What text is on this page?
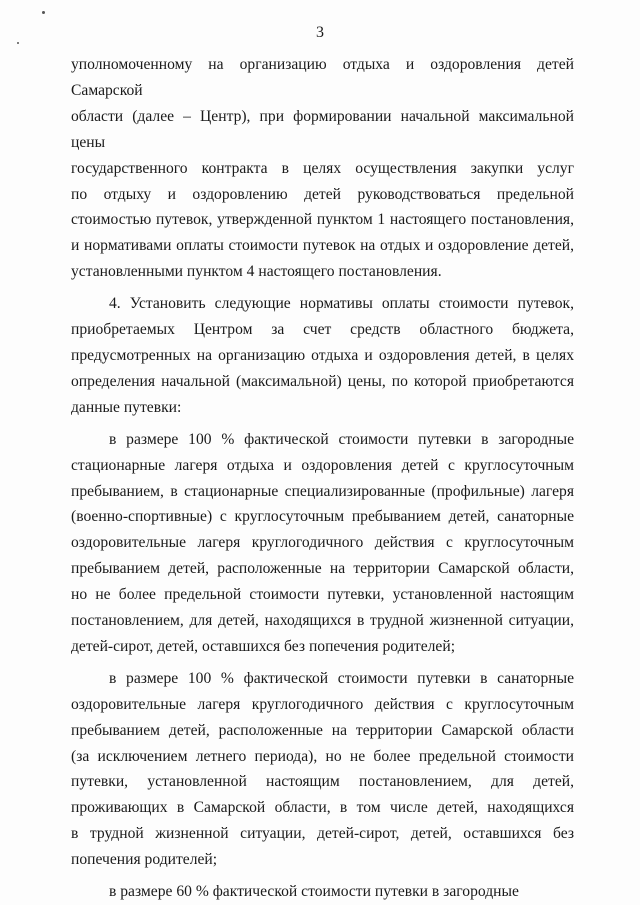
3

уполномоченному на организацию отдыха и оздоровления детей Самарской
области (далее – Центр), при формировании начальной максимальной цены
государственного контракта в целях осуществления закупки услуг
по отдыху и оздоровлению детей руководствоваться предельной
стоимостью путевок, утвержденной пунктом 1 настоящего постановления,
и нормативами оплаты стоимости путевок на отдых и оздоровление детей,
установленными пунктом 4 настоящего постановления.

4. Установить следующие нормативы оплаты стоимости путевок,
приобретаемых Центром за счет средств областного бюджета,
предусмотренных на организацию отдыха и оздоровления детей, в целях
определения начальной (максимальной) цены, по которой приобретаются
данные путевки:

в размере 100 % фактической стоимости путевки в загородные
стационарные лагеря отдыха и оздоровления детей с круглосуточным
пребыванием, в стационарные специализированные (профильные) лагеря
(военно-спортивные) с круглосуточным пребыванием детей, санаторные
оздоровительные лагеря круглогодичного действия с круглосуточным
пребыванием детей, расположенные на территории Самарской области,
но не более предельной стоимости путевки, установленной настоящим
постановлением, для детей, находящихся в трудной жизненной ситуации,
детей-сирот, детей, оставшихся без попечения родителей;

в размере 100 % фактической стоимости путевки в санаторные
оздоровительные лагеря круглогодичного действия с круглосуточным
пребыванием детей, расположенные на территории Самарской области
(за исключением летнего периода), но не более предельной стоимости
путевки, установленной настоящим постановлением, для детей,
проживающих в Самарской области, в том числе детей, находящихся
в трудной жизненной ситуации, детей-сирот, детей, оставшихся без
попечения родителей;

в размере 60 % фактической стоимости путевки в загородные
